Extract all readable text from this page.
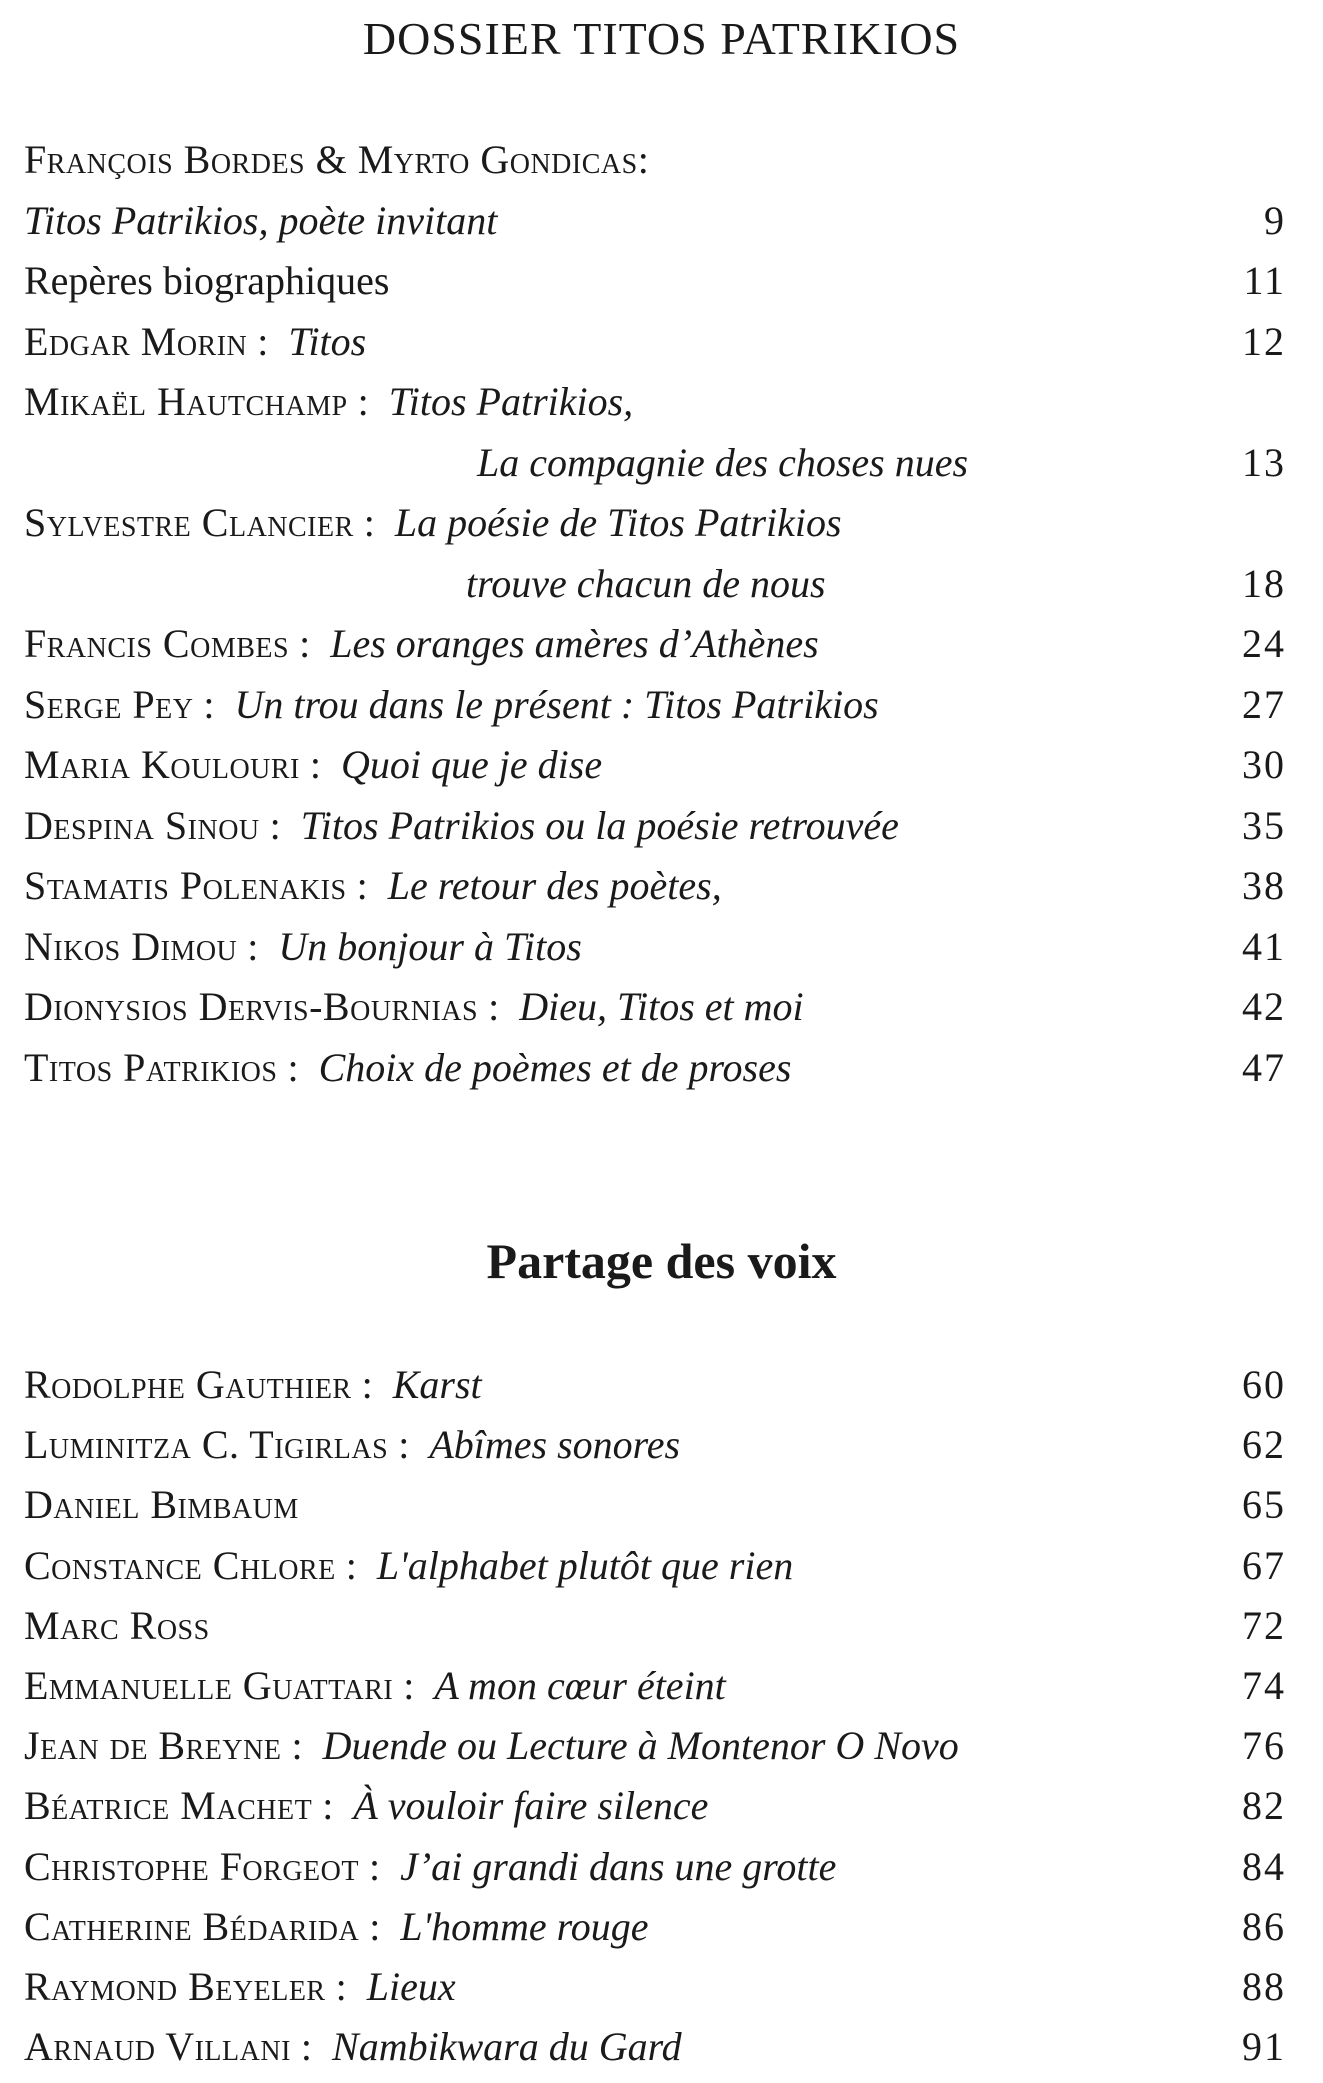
DOSSIER TITOS PATRIKIOS
François Bordes & Myrto Gondicas:
Titos Patrikios, poète invitant	9
Repères biographiques	11
Edgar Morin : Titos	12
Mikaël Hautchamp : Titos Patrikios,
La compagnie des choses nues	13
Sylvestre Clancier : La poésie de Titos Patrikios
trouve chacun de nous	18
Francis Combes : Les oranges amères d’Athènes	24
Serge Pey : Un trou dans le présent : Titos Patrikios	27
Maria Koulouri : Quoi que je dise	30
Despina Sinou : Titos Patrikios ou la poésie retrouvée	35
Stamatis Polenakis : Le retour des poètes,	38
Nikos Dimou : Un bonjour à Titos	41
Dionysios Dervis-Bournias : Dieu, Titos et moi	42
Titos Patrikios : Choix de poèmes et de proses	47
Partage des voix
Rodolphe Gauthier : Karst	60
Luminitza C. Tigirlas : Abîmes sonores	62
Daniel Bimbaum	65
Constance Chlore : L'alphabet plutôt que rien	67
Marc Ross	72
Emmanuelle Guattari : A mon cœur éteint	74
Jean de Breyne : Duende ou Lecture à Montenor O Novo	76
Béatrice Machet : À vouloir faire silence	82
Christophe Forgeot : J’ai grandi dans une grotte	84
Catherine Bédarida : L'homme rouge	86
Raymond Beyeler : Lieux	88
Arnaud Villani : Nambikwara du Gard	91
